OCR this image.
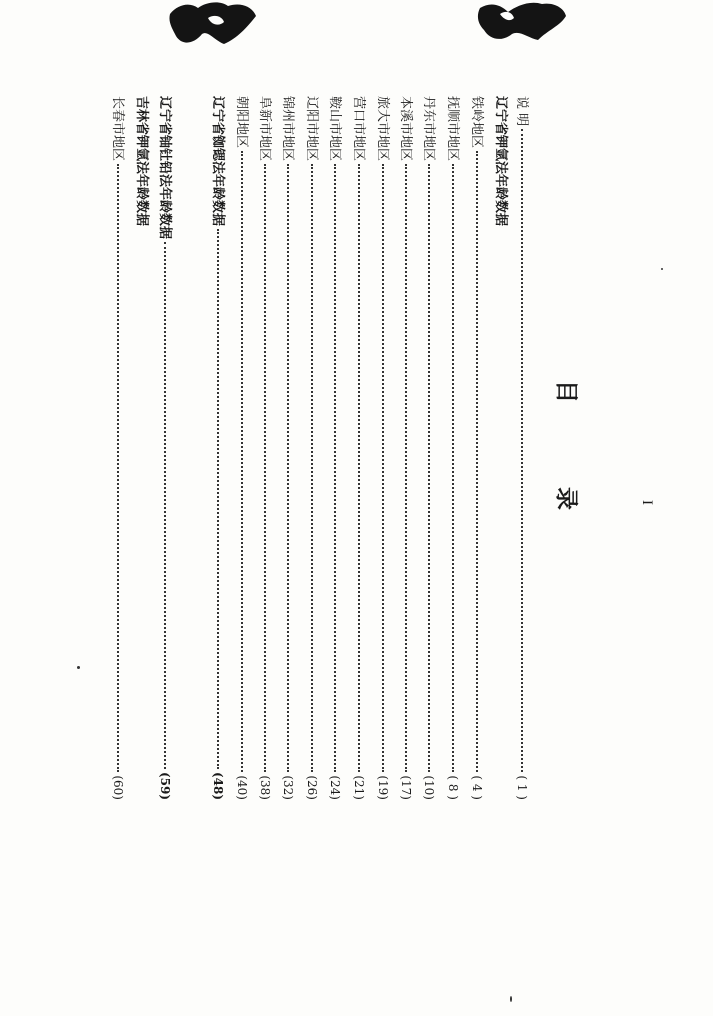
目 录
说 明
( 1 )
辽宁省钾氩法年龄数据
铁岭地区
( 4 )
抚顺市地区
( 8 )
丹东市地区
(10)
本溪市地区
(17)
旅大市地区
(19)
营口市地区
(21)
鞍山市地区
(24)
辽阳市地区
(26)
锦州市地区
(32)
阜新市地区
(38)
朝阳地区
(40)
辽宁省铷锶法年龄数据
(48)
辽宁省铀钍铅法年龄数据
(59)
吉林省钾氩法年龄数据
长春市地区
(60)
I
